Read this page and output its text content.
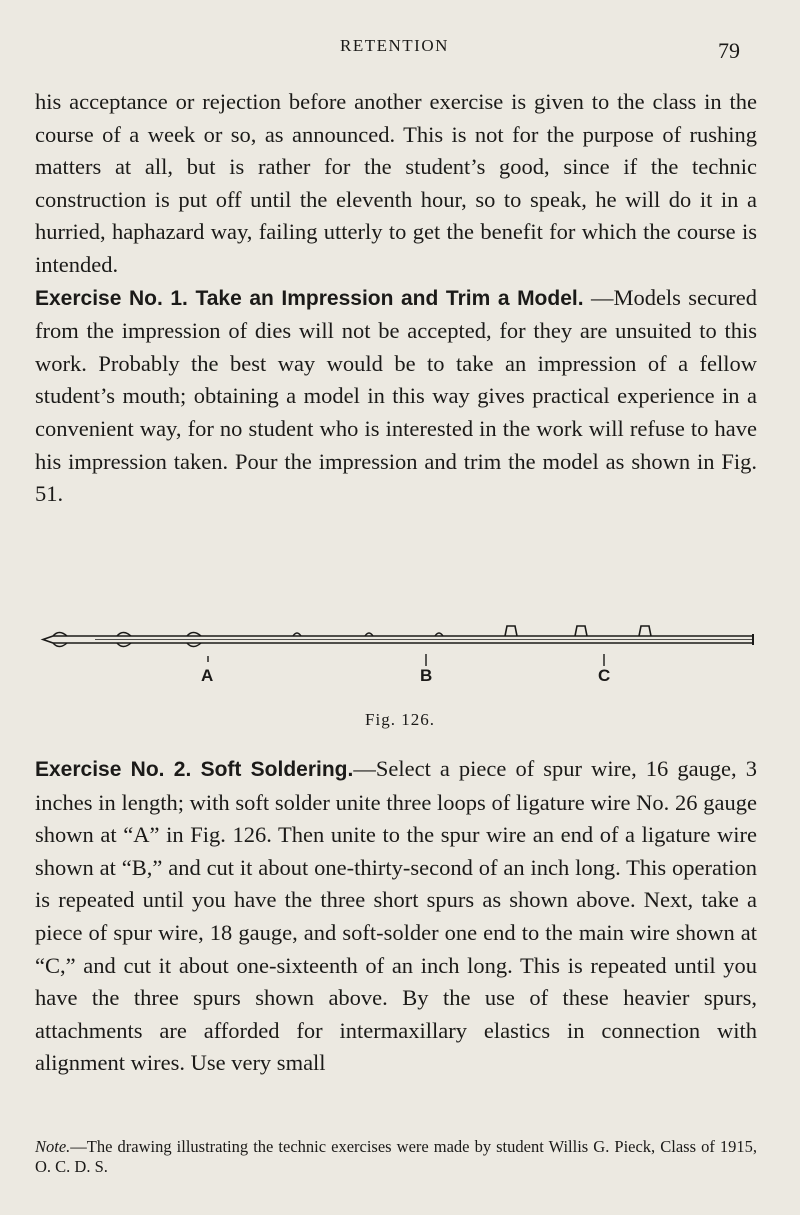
RETENTION	79

his acceptance or rejection before another exercise is given to the class in the course of a week or so, as announced. This is not for the purpose of rushing matters at all, but is rather for the student’s good, since if the technic construction is put off until the eleventh hour, so to speak, he will do it in a hurried, haphazard way, failing utterly to get the benefit for which the course is intended.

Exercise No. 1. Take an Impression and Trim a Model. —Models secured from the impression of dies will not be accepted, for they are unsuited to this work. Probably the best way would be to take an impression of a fellow student’s mouth; obtaining a model in this way gives practical experience in a convenient way, for no student who is interested in the work will refuse to have his impression taken. Pour the impression and trim the model as shown in Fig. 51.

A	B	C
Fig. 126.

Exercise No. 2. Soft Soldering.—Select a piece of spur wire, 16 gauge, 3 inches in length; with soft solder unite three loops of ligature wire No. 26 gauge shown at “A” in Fig. 126. Then unite to the spur wire an end of a ligature wire shown at “B,” and cut it about one-thirty-second of an inch long. This operation is repeated until you have the three short spurs as shown above. Next, take a piece of spur wire, 18 gauge, and soft-solder one end to the main wire shown at “C,” and cut it about one-sixteenth of an inch long. This is repeated until you have the three spurs shown above. By the use of these heavier spurs, attachments are afforded for intermaxillary elastics in connection with alignment wires. Use very small

Note.—The drawing illustrating the technic exercises were made by student Willis G. Pieck, Class of 1915, O. C. D. S.
